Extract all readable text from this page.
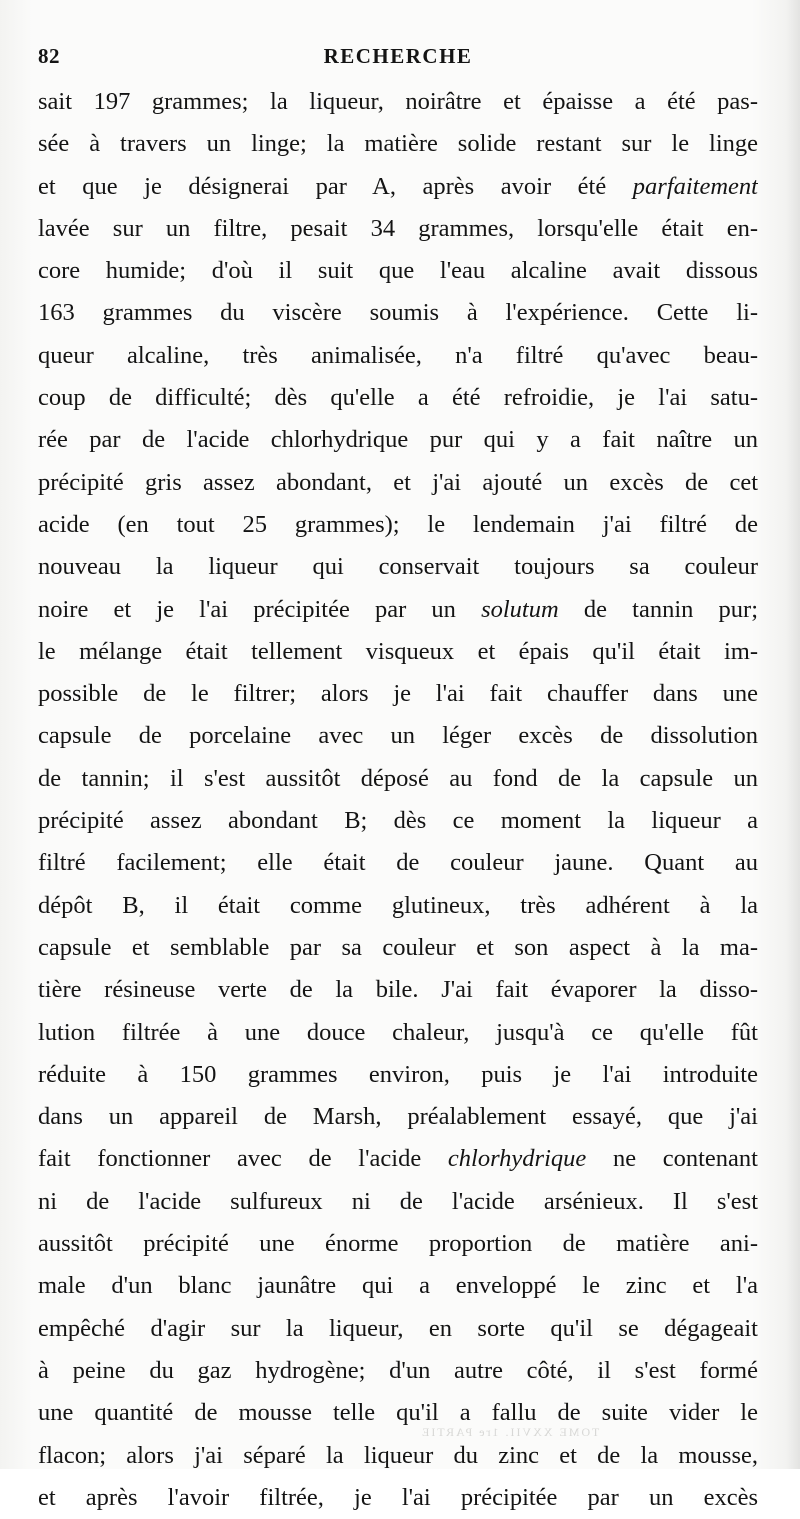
82	RECHERCHE
sait 197 grammes; la liqueur, noirâtre et épaisse a été pas-
sée à travers un linge; la matière solide restant sur le linge
et que je désignerai par A, après avoir été parfaitement
lavée sur un filtre, pesait 34 grammes, lorsqu'elle était en-
core humide; d'où il suit que l'eau alcaline avait dissous
163 grammes du viscère soumis à l'expérience. Cette li-
queur alcaline, très animalisée, n'a filtré qu'avec beau-
coup de difficulté; dès qu'elle a été refroidie, je l'ai satu-
rée par de l'acide chlorhydrique pur qui y a fait naître un
précipité gris assez abondant, et j'ai ajouté un excès de cet
acide (en tout 25 grammes); le lendemain j'ai filtré de
nouveau la liqueur qui conservait toujours sa couleur
noire et je l'ai précipitée par un solutum de tannin pur;
le mélange était tellement visqueux et épais qu'il était im-
possible de le filtrer; alors je l'ai fait chauffer dans une
capsule de porcelaine avec un léger excès de dissolution
de tannin; il s'est aussitôt déposé au fond de la capsule un
précipité assez abondant B; dès ce moment la liqueur a
filtré facilement; elle était de couleur jaune. Quant au
dépôt B, il était comme glutineux, très adhérent à la
capsule et semblable par sa couleur et son aspect à la ma-
tière résineuse verte de la bile. J'ai fait évaporer la disso-
lution filtrée à une douce chaleur, jusqu'à ce qu'elle fût
réduite à 150 grammes environ, puis je l'ai introduite
dans un appareil de Marsh, préalablement essayé, que j'ai
fait fonctionner avec de l'acide chlorhydrique ne contenant
ni de l'acide sulfureux ni de l'acide arsénieux. Il s'est
aussitôt précipité une énorme proportion de matière ani-
male d'un blanc jaunâtre qui a enveloppé le zinc et l'a
empêché d'agir sur la liqueur, en sorte qu'il se dégageait
à peine du gaz hydrogène; d'un autre côté, il s'est formé
une quantité de mousse telle qu'il a fallu de suite vider le
flacon; alors j'ai séparé la liqueur du zinc et de la mousse,
et après l'avoir filtrée, je l'ai précipitée par un excès
TOME XXVII. 1re PARTIE
